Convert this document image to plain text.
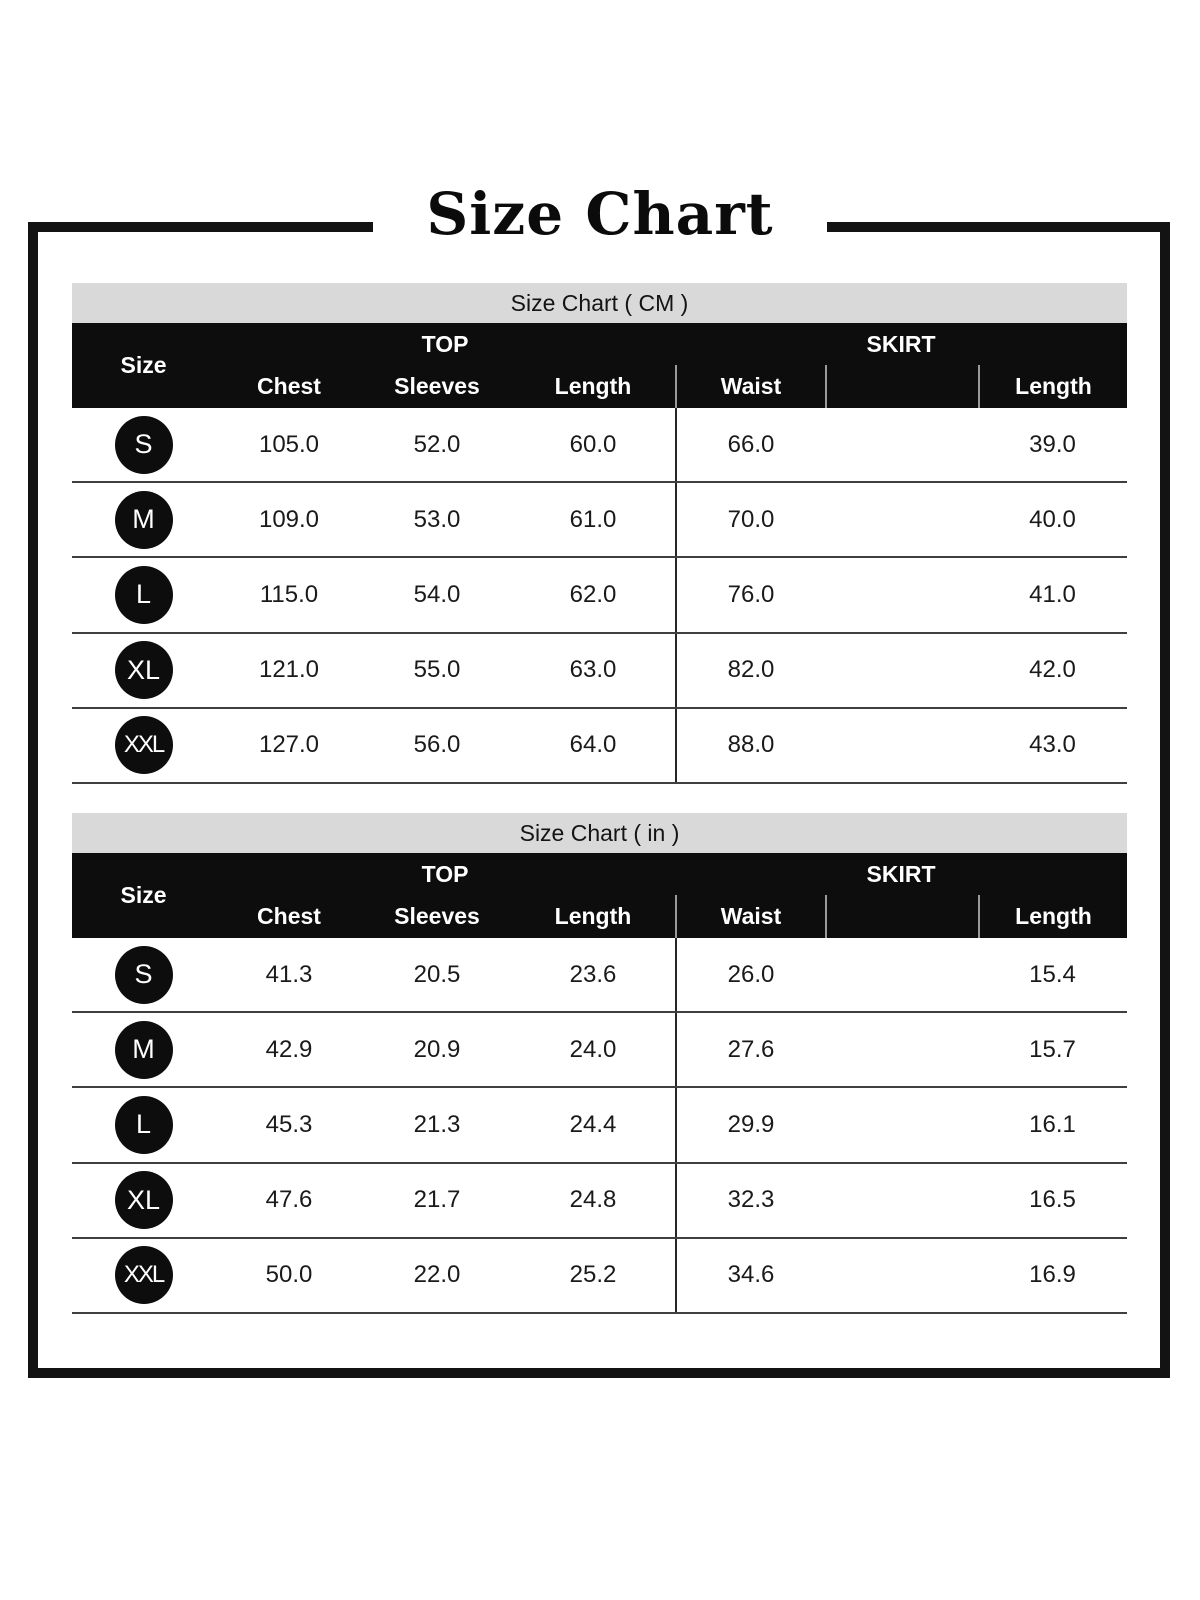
Size Chart
Size Chart ( CM )
Size
TOP	SKIRT
Chest	Sleeves	Length	Waist	Length
S	105.0	52.0	60.0	66.0	39.0
M	109.0	53.0	61.0	70.0	40.0
L	115.0	54.0	62.0	76.0	41.0
XL	121.0	55.0	63.0	82.0	42.0
XXL	127.0	56.0	64.0	88.0	43.0
Size Chart ( in )
Size
TOP	SKIRT
Chest	Sleeves	Length	Waist	Length
S	41.3	20.5	23.6	26.0	15.4
M	42.9	20.9	24.0	27.6	15.7
L	45.3	21.3	24.4	29.9	16.1
XL	47.6	21.7	24.8	32.3	16.5
XXL	50.0	22.0	25.2	34.6	16.9
